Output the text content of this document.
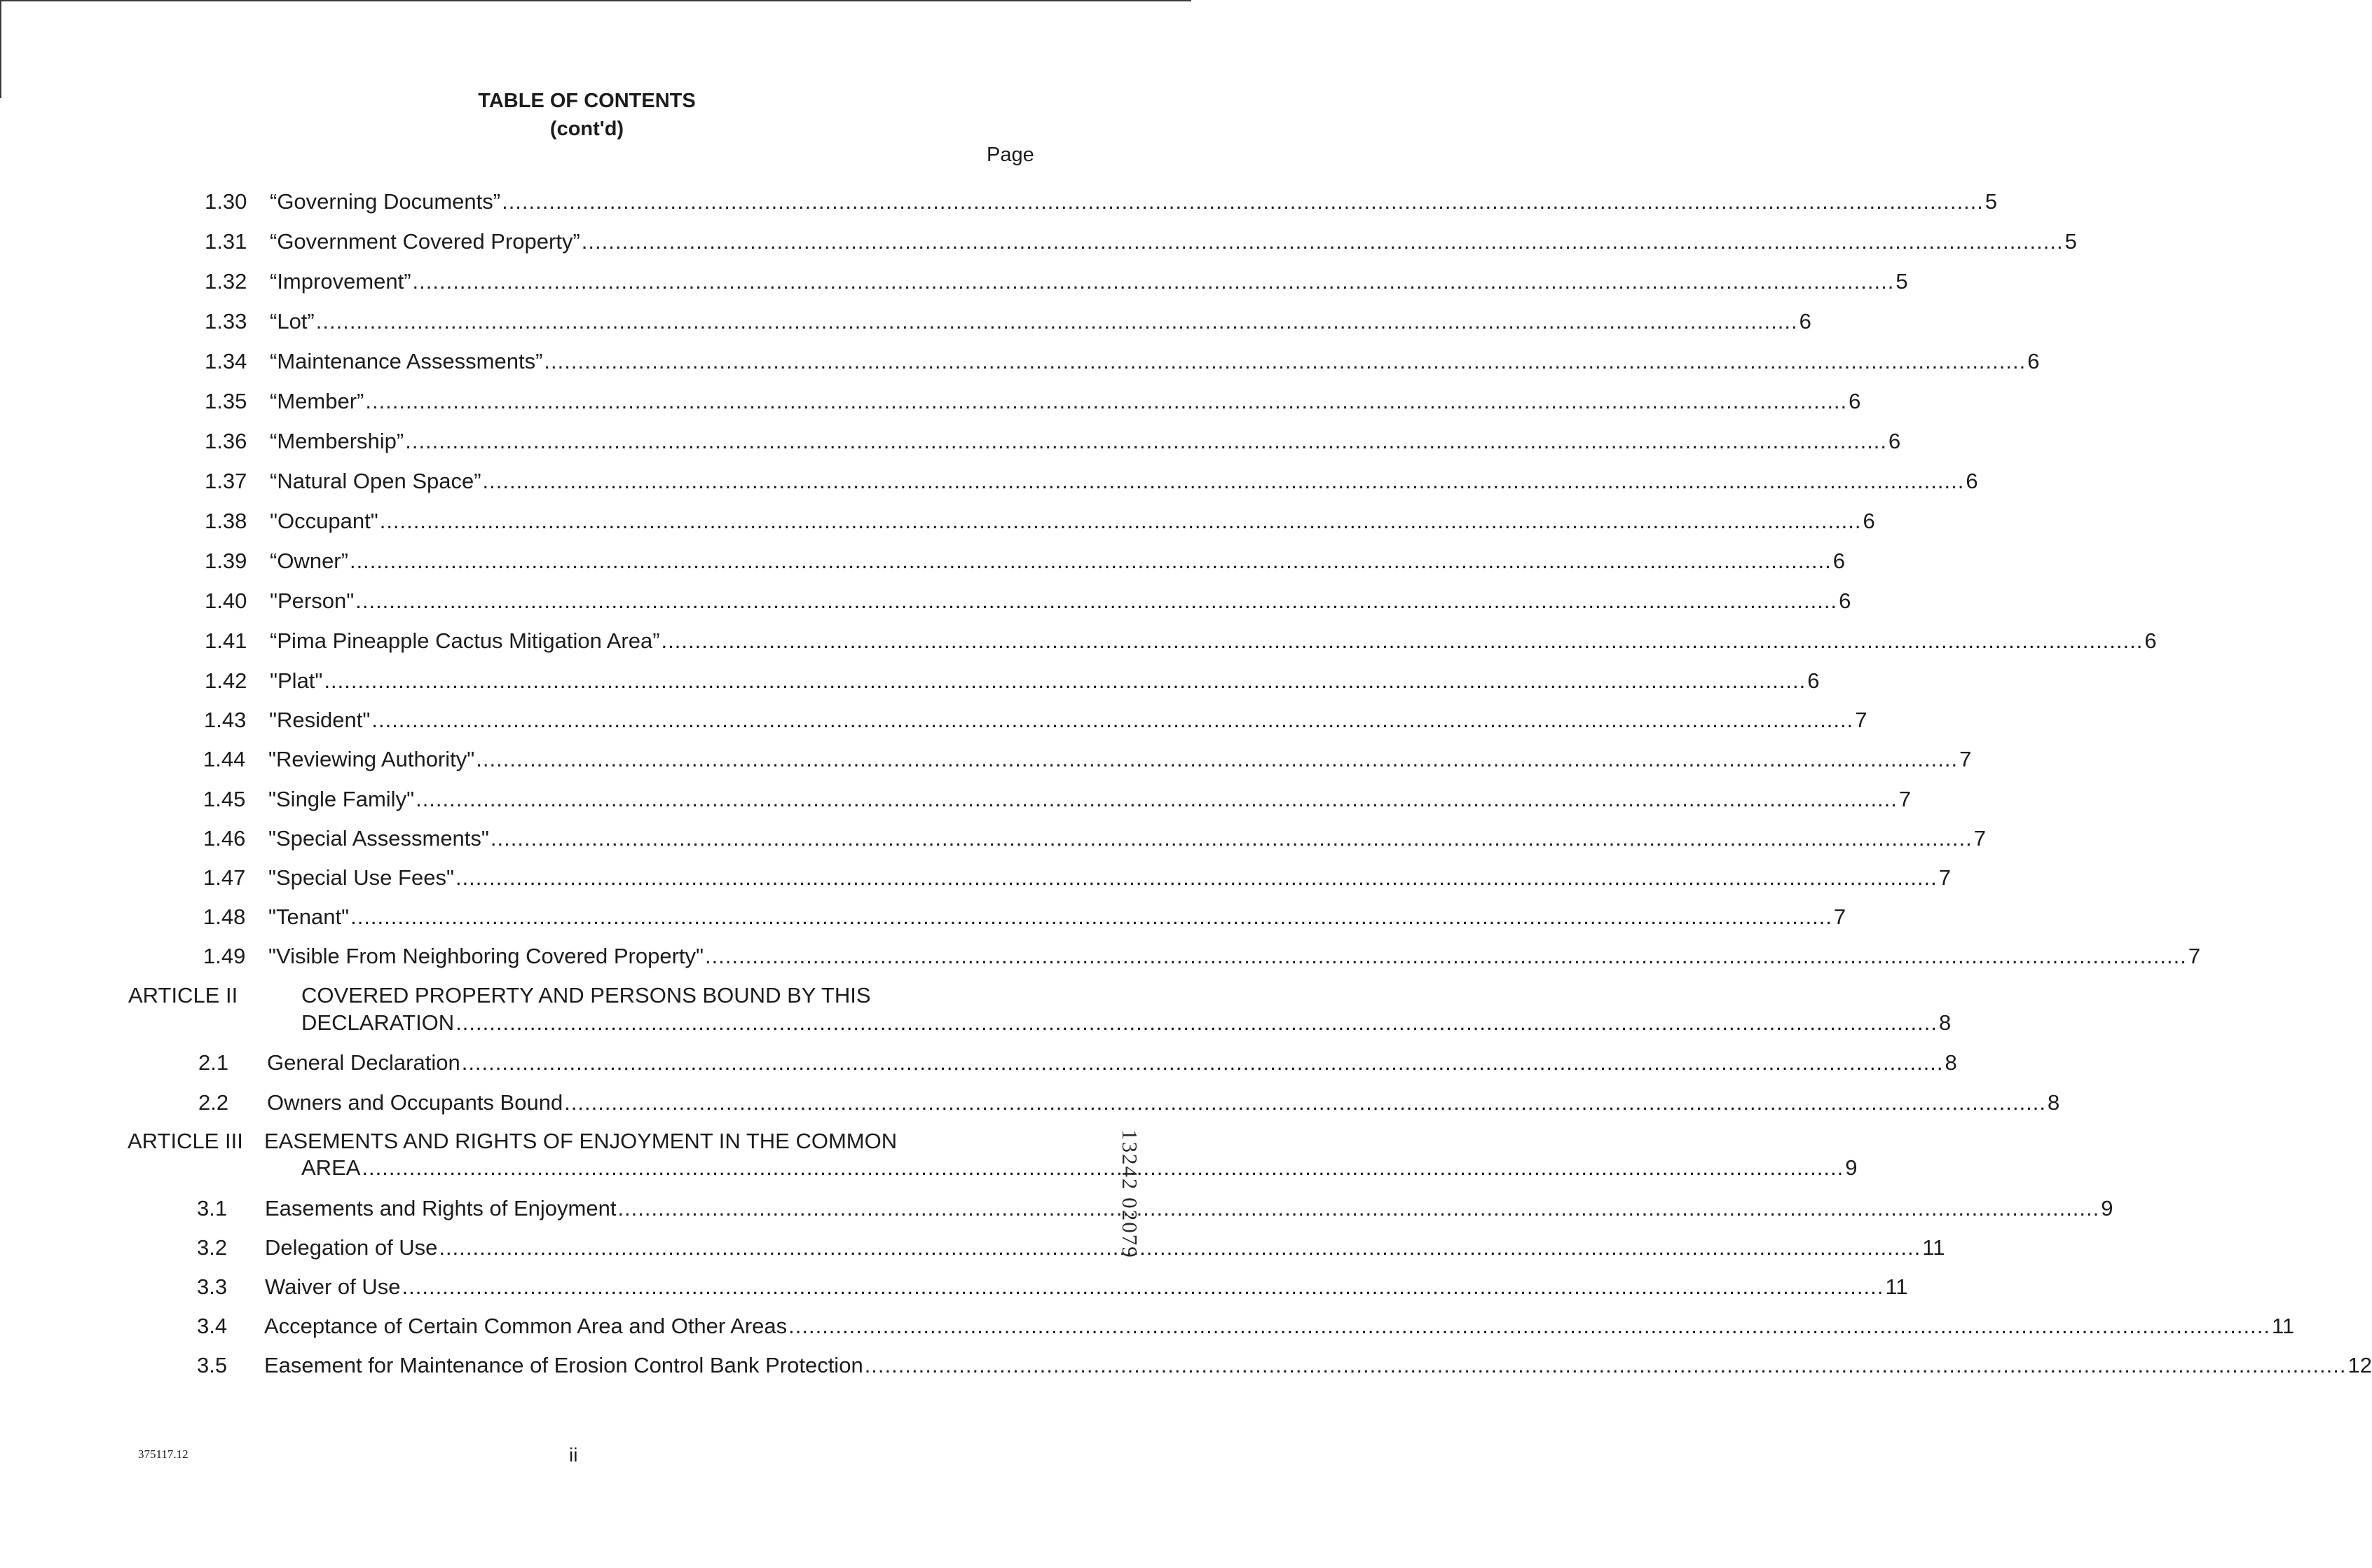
TABLE OF CONTENTS
(cont'd)
Page
1.30 “Governing Documents” ............................................................................................................................................................................................................................ 5
1.31 “Government Covered Property” ............................................................................................................................................................................................................................ 5
1.32 “Improvement” ............................................................................................................................................................................................................................ 5
1.33 “Lot” ............................................................................................................................................................................................................................ 6
1.34 “Maintenance Assessments” ............................................................................................................................................................................................................................ 6
1.35 “Member” ............................................................................................................................................................................................................................ 6
1.36 “Membership” ............................................................................................................................................................................................................................ 6
1.37 “Natural Open Space” ............................................................................................................................................................................................................................ 6
1.38 "Occupant" ............................................................................................................................................................................................................................ 6
1.39 “Owner” ............................................................................................................................................................................................................................ 6
1.40 "Person" ............................................................................................................................................................................................................................ 6
1.41 “Pima Pineapple Cactus Mitigation Area” ............................................................................................................................................................................................................................ 6
1.42 "Plat" ............................................................................................................................................................................................................................ 6
1.43 "Resident" ............................................................................................................................................................................................................................ 7
1.44 "Reviewing Authority" ............................................................................................................................................................................................................................ 7
1.45 "Single Family" ............................................................................................................................................................................................................................ 7
1.46 "Special Assessments" ............................................................................................................................................................................................................................ 7
1.47 "Special Use Fees" ............................................................................................................................................................................................................................ 7
1.48 "Tenant" ............................................................................................................................................................................................................................ 7
1.49 "Visible From Neighboring Covered Property" ............................................................................................................................................................................................................................ 7
ARTICLE II	COVERED PROPERTY AND PERSONS BOUND BY THIS
DECLARATION ............................................................................................................................................................................................................................ 8
2.1 General Declaration ............................................................................................................................................................................................................................ 8
2.2 Owners and Occupants Bound ............................................................................................................................................................................................................................ 8
ARTICLE III EASEMENTS AND RIGHTS OF ENJOYMENT IN THE COMMON
AREA ............................................................................................................................................................................................................................ 9
3.1 Easements and Rights of Enjoyment ............................................................................................................................................................................................................................ 9
3.2 Delegation of Use ............................................................................................................................................................................................................................ 11
3.3 Waiver of Use ............................................................................................................................................................................................................................ 11
3.4 Acceptance of Certain Common Area and Other Areas ............................................................................................................................................................................................................................ 11
3.5 Easement for Maintenance of Erosion Control Bank Protection ............................................................................................................................................................................................................................ 12
375117.12	ii
13242 02079
